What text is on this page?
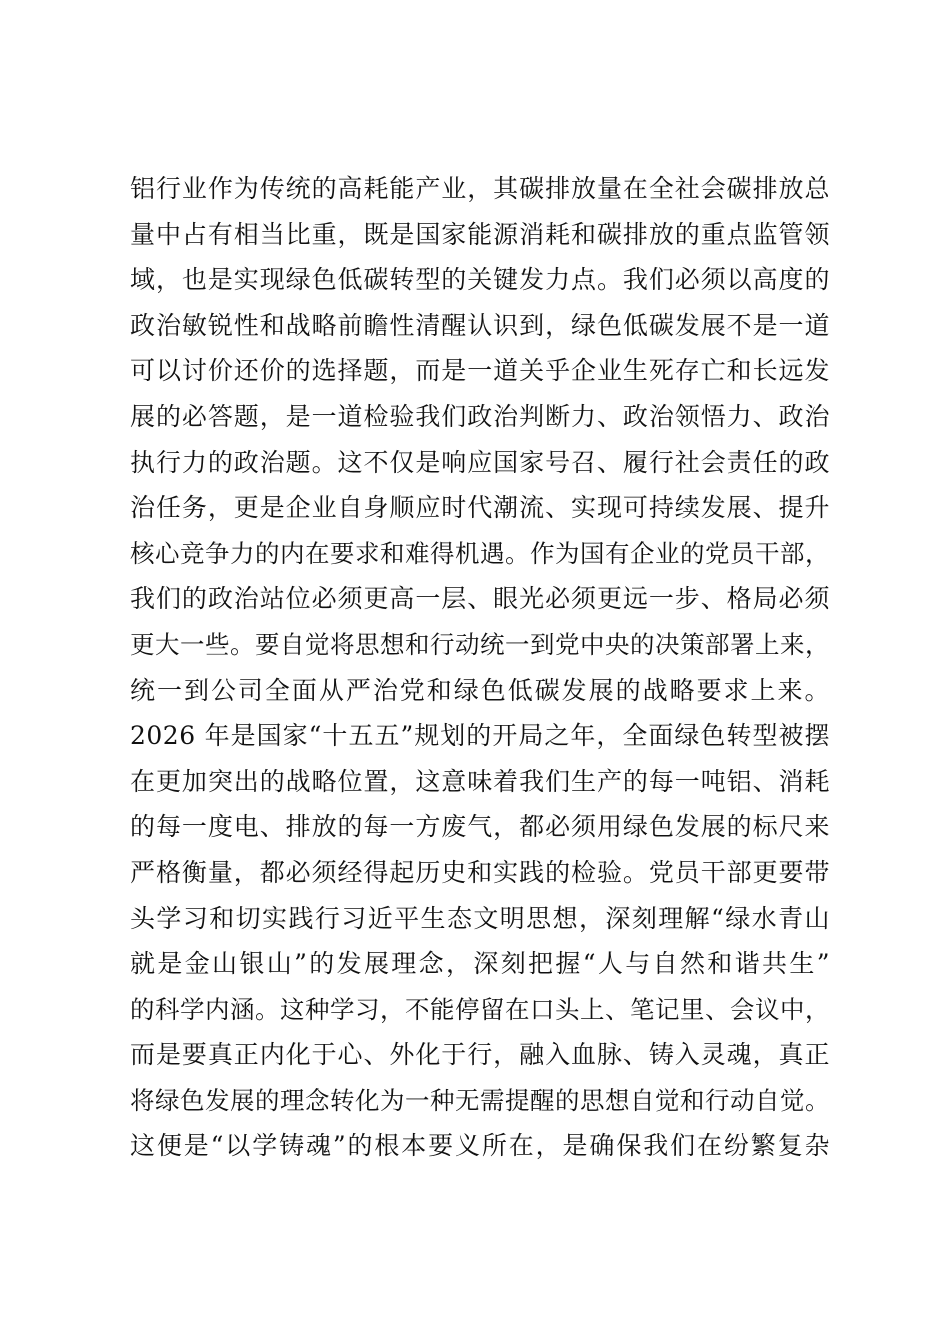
铝行业作为传统的高耗能产业，其碳排放量在全社会碳排放总
量中占有相当比重，既是国家能源消耗和碳排放的重点监管领
域，也是实现绿色低碳转型的关键发力点。我们必须以高度的
政治敏锐性和战略前瞻性清醒认识到，绿色低碳发展不是一道
可以讨价还价的选择题，而是一道关乎企业生死存亡和长远发
展的必答题，是一道检验我们政治判断力、政治领悟力、政治
执行力的政治题。这不仅是响应国家号召、履行社会责任的政
治任务，更是企业自身顺应时代潮流、实现可持续发展、提升
核心竞争力的内在要求和难得机遇。作为国有企业的党员干部，
我们的政治站位必须更高一层、眼光必须更远一步、格局必须
更大一些。要自觉将思想和行动统一到党中央的决策部署上来，
统一到公司全面从严治党和绿色低碳发展的战略要求上来。
2026 年是国家“十五五”规划的开局之年，全面绿色转型被摆
在更加突出的战略位置，这意味着我们生产的每一吨铝、消耗
的每一度电、排放的每一方废气，都必须用绿色发展的标尺来
严格衡量，都必须经得起历史和实践的检验。党员干部更要带
头学习和切实践行习近平生态文明思想，深刻理解“绿水青山
就是金山银山”的发展理念，深刻把握“人与自然和谐共生”
的科学内涵。这种学习，不能停留在口头上、笔记里、会议中，
而是要真正内化于心、外化于行，融入血脉、铸入灵魂，真正
将绿色发展的理念转化为一种无需提醒的思想自觉和行动自觉。
这便是“以学铸魂”的根本要义所在，是确保我们在纷繁复杂
